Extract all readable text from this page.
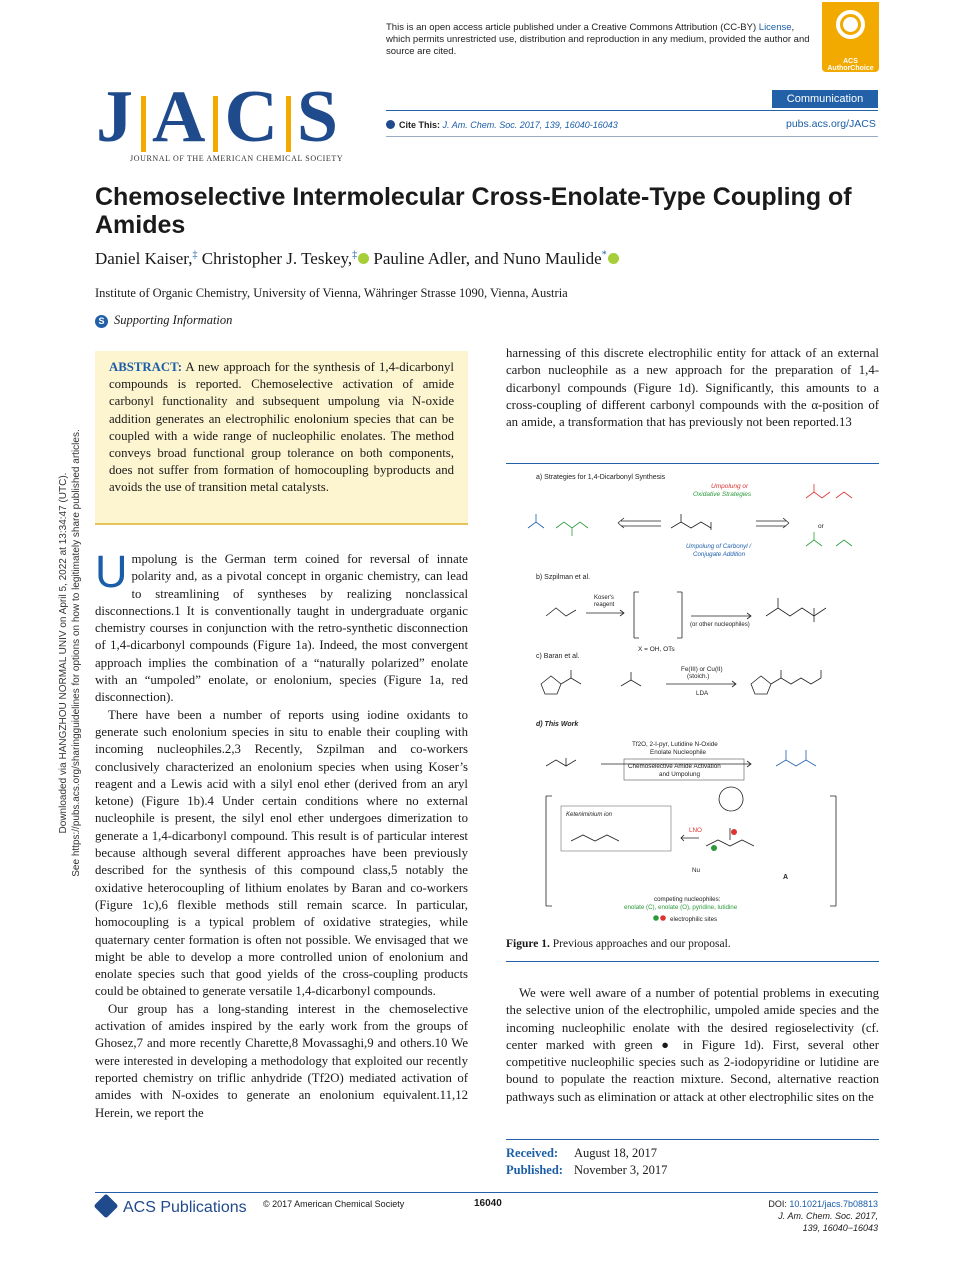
This is an open access article published under a Creative Commons Attribution (CC-BY) License, which permits unrestricted use, distribution and reproduction in any medium, provided the author and source are cited.
ACS AuthorChoice
J A C S
JOURNAL OF THE AMERICAN CHEMICAL SOCIETY
Communication
Cite This: J. Am. Chem. Soc. 2017, 139, 16040-16043	pubs.acs.org/JACS
Downloaded via HANGZHOU NORMAL UNIV on April 5, 2022 at 13:34:47 (UTC). See https://pubs.acs.org/sharingguidelines for options on how to legitimately share published articles.
Chemoselective Intermolecular Cross-Enolate-Type Coupling of Amides
Daniel Kaiser,‡ Christopher J. Teskey,‡ Pauline Adler, and Nuno Maulide*
Institute of Organic Chemistry, University of Vienna, Währinger Strasse 1090, Vienna, Austria
S Supporting Information
ABSTRACT: A new approach for the synthesis of 1,4-dicarbonyl compounds is reported. Chemoselective activation of amide carbonyl functionality and subsequent umpolung via N-oxide addition generates an electrophilic enolonium species that can be coupled with a wide range of nucleophilic enolates. The method conveys broad functional group tolerance on both components, does not suffer from formation of homocoupling byproducts and avoids the use of transition metal catalysts.
U mpolung is the German term coined for reversal of innate polarity and, as a pivotal concept in organic chemistry, can lead to streamlining of syntheses by realizing nonclassical disconnections.1 It is conventionally taught in undergraduate organic chemistry courses in conjunction with the retro-synthetic disconnection of 1,4-dicarbonyl compounds (Figure 1a). Indeed, the most convergent approach implies the combination of a “naturally polarized” enolate with an “umpoled” enolate, or enolonium, species (Figure 1a, red disconnection).

There have been a number of reports using iodine oxidants to generate such enolonium species in situ to enable their coupling with incoming nucleophiles.2,3 Recently, Szpilman and co-workers conclusively characterized an enolonium species when using Koser’s reagent and a Lewis acid with a silyl enol ether (derived from an aryl ketone) (Figure 1b).4 Under certain conditions where no external nucleophile is present, the silyl enol ether undergoes dimerization to generate a 1,4-dicarbonyl compound. This result is of particular interest because although several different approaches have been previously described for the synthesis of this compound class,5 notably the oxidative heterocoupling of lithium enolates by Baran and co-workers (Figure 1c),6 flexible methods still remain scarce. In particular, homocoupling is a typical problem of oxidative strategies, while quaternary center formation is often not possible. We envisaged that we might be able to develop a more controlled union of enolonium and enolate species such that good yields of the cross-coupling products could be obtained to generate versatile 1,4-dicarbonyl compounds.

Our group has a long-standing interest in the chemoselective activation of amides inspired by the early work from the groups of Ghosez,7 and more recently Charette,8 Movassaghi,9 and others.10 We were interested in developing a methodology that exploited our recently reported chemistry on triflic anhydride (Tf2O) mediated activation of amides with N-oxides to generate an enolonium equivalent.11,12 Herein, we report the

harnessing of this discrete electrophilic entity for attack of an external carbon nucleophile as a new approach for the preparation of 1,4-dicarbonyl compounds (Figure 1d). Significantly, this amounts to a cross-coupling of different carbonyl compounds with the α-position of an amide, a transformation that has previously not been reported.13

a) Strategies for 1,4-Dicarbonyl Synthesis
Umpolung or
Oxidative Strategies
Umpolung of Carbonyl /
Conjugate Addition
or
b) Szpilman et al.
Koser's
reagent
(or other nucleophiles)
X = OH, OTs
c) Baran et al.
Fe(III) or Cu(II)
(stoich.)
LDA
d) This Work
Tf2O, 2-I-pyr, Lutidine N-Oxide
Enolate Nucleophile
Chemoselective Amide Activation
and Umpolung
Keteniminium ion
LNO
Nu
A
competing nucleophiles:
enolate (C), enolate (O), pyridine, lutidine
electrophilic sites
Figure 1. Previous approaches and our proposal.

We were well aware of a number of potential problems in executing the selective union of the electrophilic, umpoled amide species and the incoming nucleophilic enolate with the desired regioselectivity (cf. center marked with green ● in Figure 1d). First, several other competitive nucleophilic species such as 2-iodopyridine or lutidine are bound to populate the reaction mixture. Second, alternative reaction pathways such as elimination or attack at other electrophilic sites on the

Received: August 18, 2017
Published: November 3, 2017
ACS Publications © 2017 American Chemical Society	16040	DOI: 10.1021/jacs.7b08813
J. Am. Chem. Soc. 2017, 139, 16040−16043
